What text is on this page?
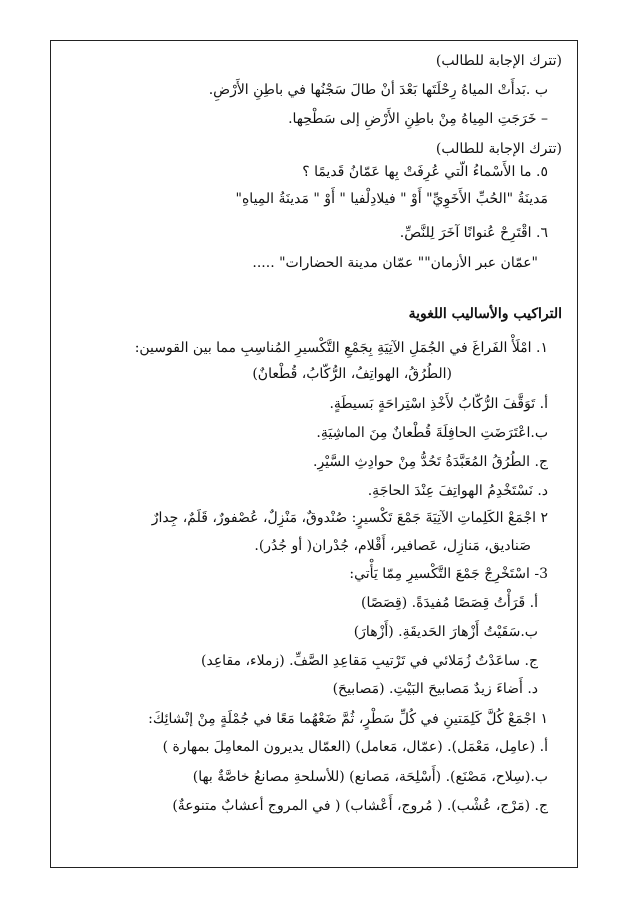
(تترك الإجابة للطالب)
ب .بَدأَتْ المياهُ رِحْلَتَها بَعْدَ أنْ طالَ سَجْنُها في باطِنِ الأَرْضِ.
– خَرَجَتِ المِياهُ مِنْ باطِنِ الأَرْضِ إلى سَطْحِها.
(تترك الإجابة للطالب)
٥. ما الأَسْماءُ الّتي عُرِفَتْ بِها عَمّانُ قَديمًا ؟
مَدينَةُ "الحُبِّ الأَخَوِيِّ" أَوْ " فيلادِلْفيا " أَوْ " مَدينَةُ المِياهِ"
٦. اقْتَرِحْ عُنوانًا آخَرَ لِلنَّصِّ.
"عمّان عبر الأزمان"" عمّان مدينة الحضارات" .....
التراكيب والأساليب اللغوية
١. امْلَأْ الفَراغَ في الجُمَلِ الآتِيَةِ بِجَمْعِ التَّكْسيرِ المُناسِبِ مما بين القوسين:
(الطُرُقُ، الهواتِفُ، الرُّكّابُ، قُطْعانٌ)
أ. تَوَقَّفَ الرُّكّابُ لأَخْذِ اسْتِراحَةٍ بَسيطَةٍ.
ب.اعْتَرَضَتِ الحافِلَةَ قُطْعانٌ مِنَ الماشِيَةِ.
ج. الطُرُقُ المُعَبَّدَةُ تَحُدُّ مِنْ حوادِثِ السَّيْرِ.
د. نَسْتَخْدِمُ الهواتِفَ عِنْدَ الحاجَةِ.
٢ اجْمَعْ الكَلِماتِ الآتِيَةَ جَمْعَ تَكْسيرٍ: صُنْدوقٌ، مَنْزِلٌ، عُصْفورٌ، قَلَمٌ، جِدارٌ
صَناديق، مَنازِل، عَصافير، أَقْلام، جُدْران( أو جُدُر).
3- اسْتَخْرِجْ جَمْعَ التَّكْسيرِ مِمّا يَأْتي:
أ. قَرَأْتُ قِصَصًا مُفيدَةً. (قِصَصًا)
ب.سَقَيْتُ أَزْهارَ الحَديقَةِ. (أَزْهارَ)
ج. ساعَدْتُ زُمَلائي في تَرْتيبِ مَقاعِدِ الصَّفِّ. (زملاء، مقاعِد)
د. أَضاءَ زيدٌ مَصابيحَ البَيْتِ. (مَصابيحَ)
١ اجْمَعْ كُلَّ كَلِمَتينِ في كُلِّ سَطْرٍ، ثُمَّ ضَعْهُما مَعًا في جُمْلَةٍ مِنْ إنْشائِكَ:
أ. (عامِل، مَعْمَل). (عمّال، مَعامل) (العمّال يديرون المعامِلَ بمهارة )
ب.(سِلاح، مَصْنَع). (أَسْلِحَة، مَصانع) (للأسلحةِ مصانعُ خاصَّةٌ بها)
ج. (مَرْج، عُشْب). ( مُروج، أَعْشاب) ( في المروج أعشابٌ متنوعةٌ)
